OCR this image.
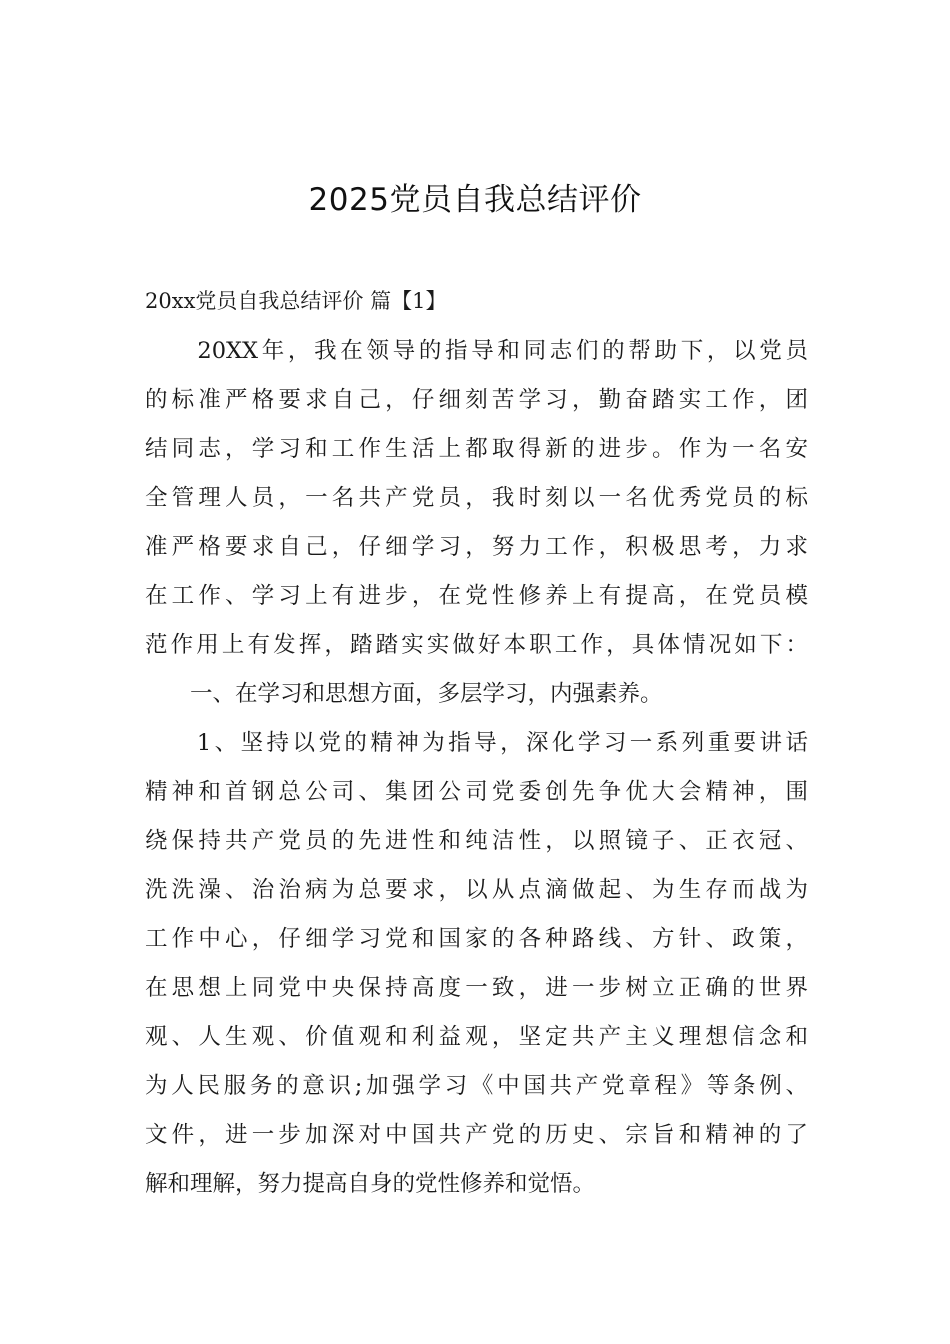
2025党员自我总结评价
20xx党员自我总结评价 篇【1】
　　20XX年，我在领导的指导和同志们的帮助下，以党员
的标准严格要求自己，仔细刻苦学习，勤奋踏实工作，团
结同志，学习和工作生活上都取得新的进步。作为一名安
全管理人员，一名共产党员，我时刻以一名优秀党员的标
准严格要求自己，仔细学习，努力工作，积极思考，力求
在工作、学习上有进步，在党性修养上有提高，在党员模
范作用上有发挥，踏踏实实做好本职工作，具体情况如下：
　　一、在学习和思想方面，多层学习，内强素养。
　　1、坚持以党的精神为指导，深化学习一系列重要讲话
精神和首钢总公司、集团公司党委创先争优大会精神，围
绕保持共产党员的先进性和纯洁性，以照镜子、正衣冠、
洗洗澡、治治病为总要求，以从点滴做起、为生存而战为
工作中心，仔细学习党和国家的各种路线、方针、政策，
在思想上同党中央保持高度一致，进一步树立正确的世界
观、人生观、价值观和利益观，坚定共产主义理想信念和
为人民服务的意识;加强学习《中国共产党章程》等条例、
文件，进一步加深对中国共产党的历史、宗旨和精神的了
解和理解，努力提高自身的党性修养和觉悟。
